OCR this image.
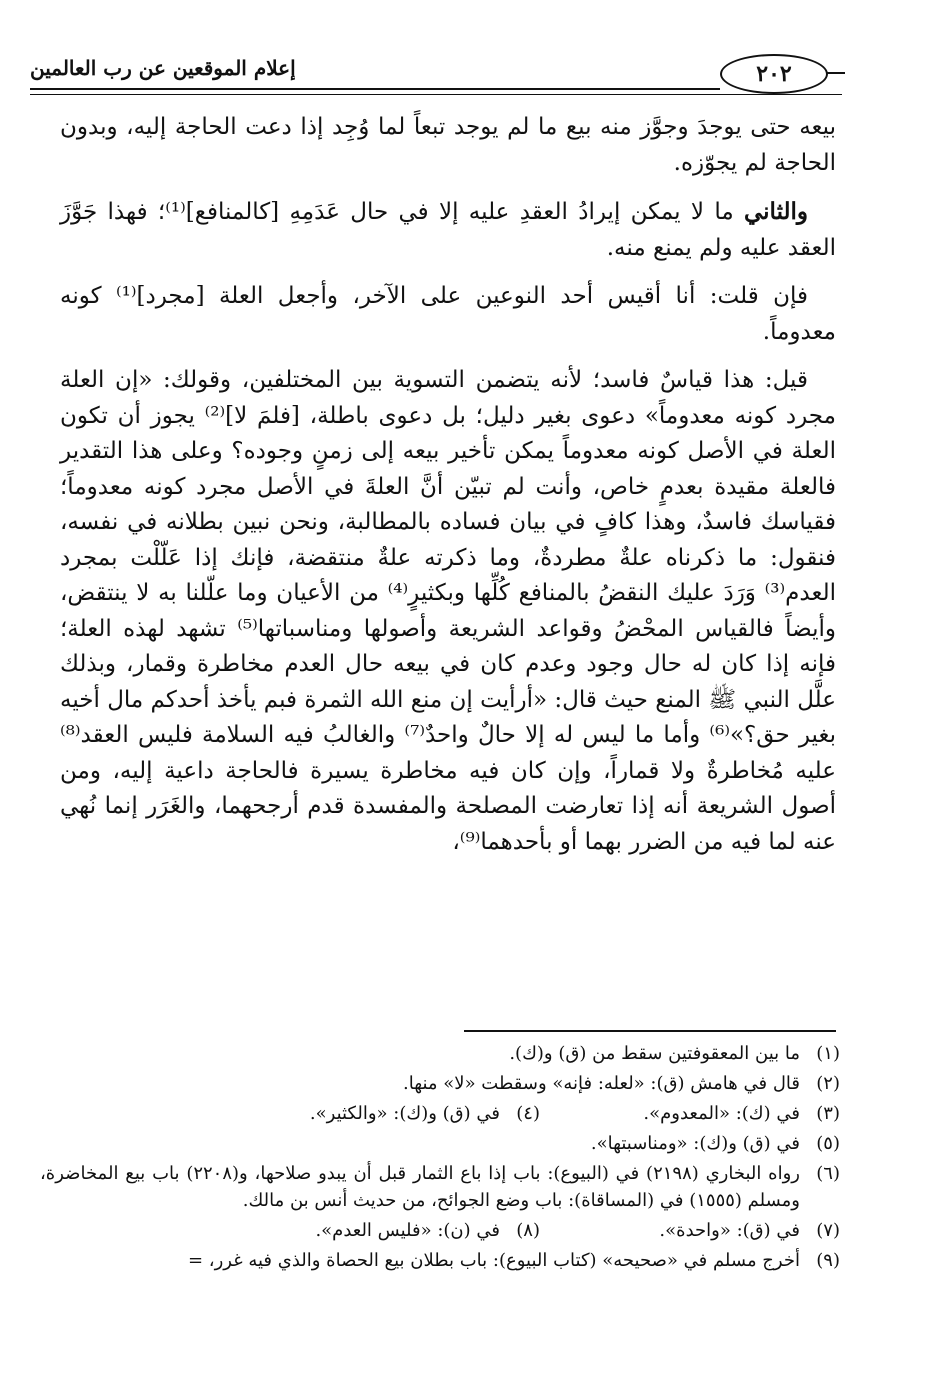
إعلام الموقعين عن رب العالمين	٢٠٢

بيعه حتى يوجدَ وجوَّز منه بيع ما لم يوجد تبعاً لما وُجِد إذا دعت الحاجة إليه، وبدون الحاجة لم يجوّزه.

والثاني ما لا يمكن إيرادُ العقدِ عليه إلا في حال عَدَمِهِ [كالمنافع]⁽¹⁾؛ فهذا جَوَّزَ العقد عليه ولم يمنع منه.

فإن قلت: أنا أقيس أحد النوعين على الآخر، وأجعل العلة [مجرد]⁽¹⁾ كونه معدوماً.

قيل: هذا قياسٌ فاسد؛ لأنه يتضمن التسوية بين المختلفين، وقولك: «إن العلة مجرد كونه معدوماً» دعوى بغير دليل؛ بل دعوى باطلة، [فلمَ لا]⁽²⁾ يجوز أن تكون العلة في الأصل كونه معدوماً يمكن تأخير بيعه إلى زمنٍ وجوده؟ وعلى هذا التقدير فالعلة مقيدة بعدمٍ خاص، وأنت لم تبيّن أنَّ العلةَ في الأصل مجرد كونه معدوماً؛ فقياسك فاسدٌ، وهذا كافٍ في بيان فساده بالمطالبة، ونحن نبين بطلانه في نفسه، فنقول: ما ذكرناه علةٌ مطردةٌ، وما ذكرته علةٌ منتقضة، فإنك إذا عَلّلْت بمجرد العدم⁽³⁾ وَرَدَ عليك النقضُ بالمنافع كُلِّها وبكثيرٍ⁽⁴⁾ من الأعيان وما علّلنا به لا ينتقض، وأيضاً فالقياس المحْضُ وقواعد الشريعة وأصولها ومناسباتها⁽⁵⁾ تشهد لهذه العلة؛ فإنه إذا كان له حال وجود وعدم كان في بيعه حال العدم مخاطرة وقمار، وبذلك علَّل النبي ﷺ المنع حيث قال: «أرأيت إن منع الله الثمرة فبم يأخذ أحدكم مال أخيه بغير حق؟»⁽⁶⁾ وأما ما ليس له إلا حالٌ واحدٌ⁽⁷⁾ والغالبُ فيه السلامة فليس العقد⁽⁸⁾ عليه مُخاطرةٌ ولا قماراً، وإن كان فيه مخاطرة يسيرة فالحاجة داعية إليه، ومن أصول الشريعة أنه إذا تعارضت المصلحة والمفسدة قدم أرجحهما، والغَرَر إنما نُهي عنه لما فيه من الضرر بهما أو بأحدهما⁽⁹⁾،

(١)
ما بين المعقوفتين سقط من (ق) و(ك).
(٢)
قال في هامش (ق): «لعله: فإنه» وسقطت «لا» منها.
(٣)
في (ك): «المعدوم».
(٤)
في (ق) و(ك): «والكثير».
(٥)
في (ق) و(ك): «ومناسبتها».
(٦)
رواه البخاري (٢١٩٨) في (البيوع): باب إذا باع الثمار قبل أن يبدو صلاحها، و(٢٢٠٨) باب بيع المخاضرة، ومسلم (١٥٥٥) في (المساقاة): باب وضع الجوائح، من حديث أنس بن مالك.
(٧)
في (ق): «واحدة».
(٨)
في (ن): «فليس العدم».
(٩)
أخرج مسلم في «صحيحه» (كتاب البيوع): باب بطلان بيع الحصاة والذي فيه غرر، =
